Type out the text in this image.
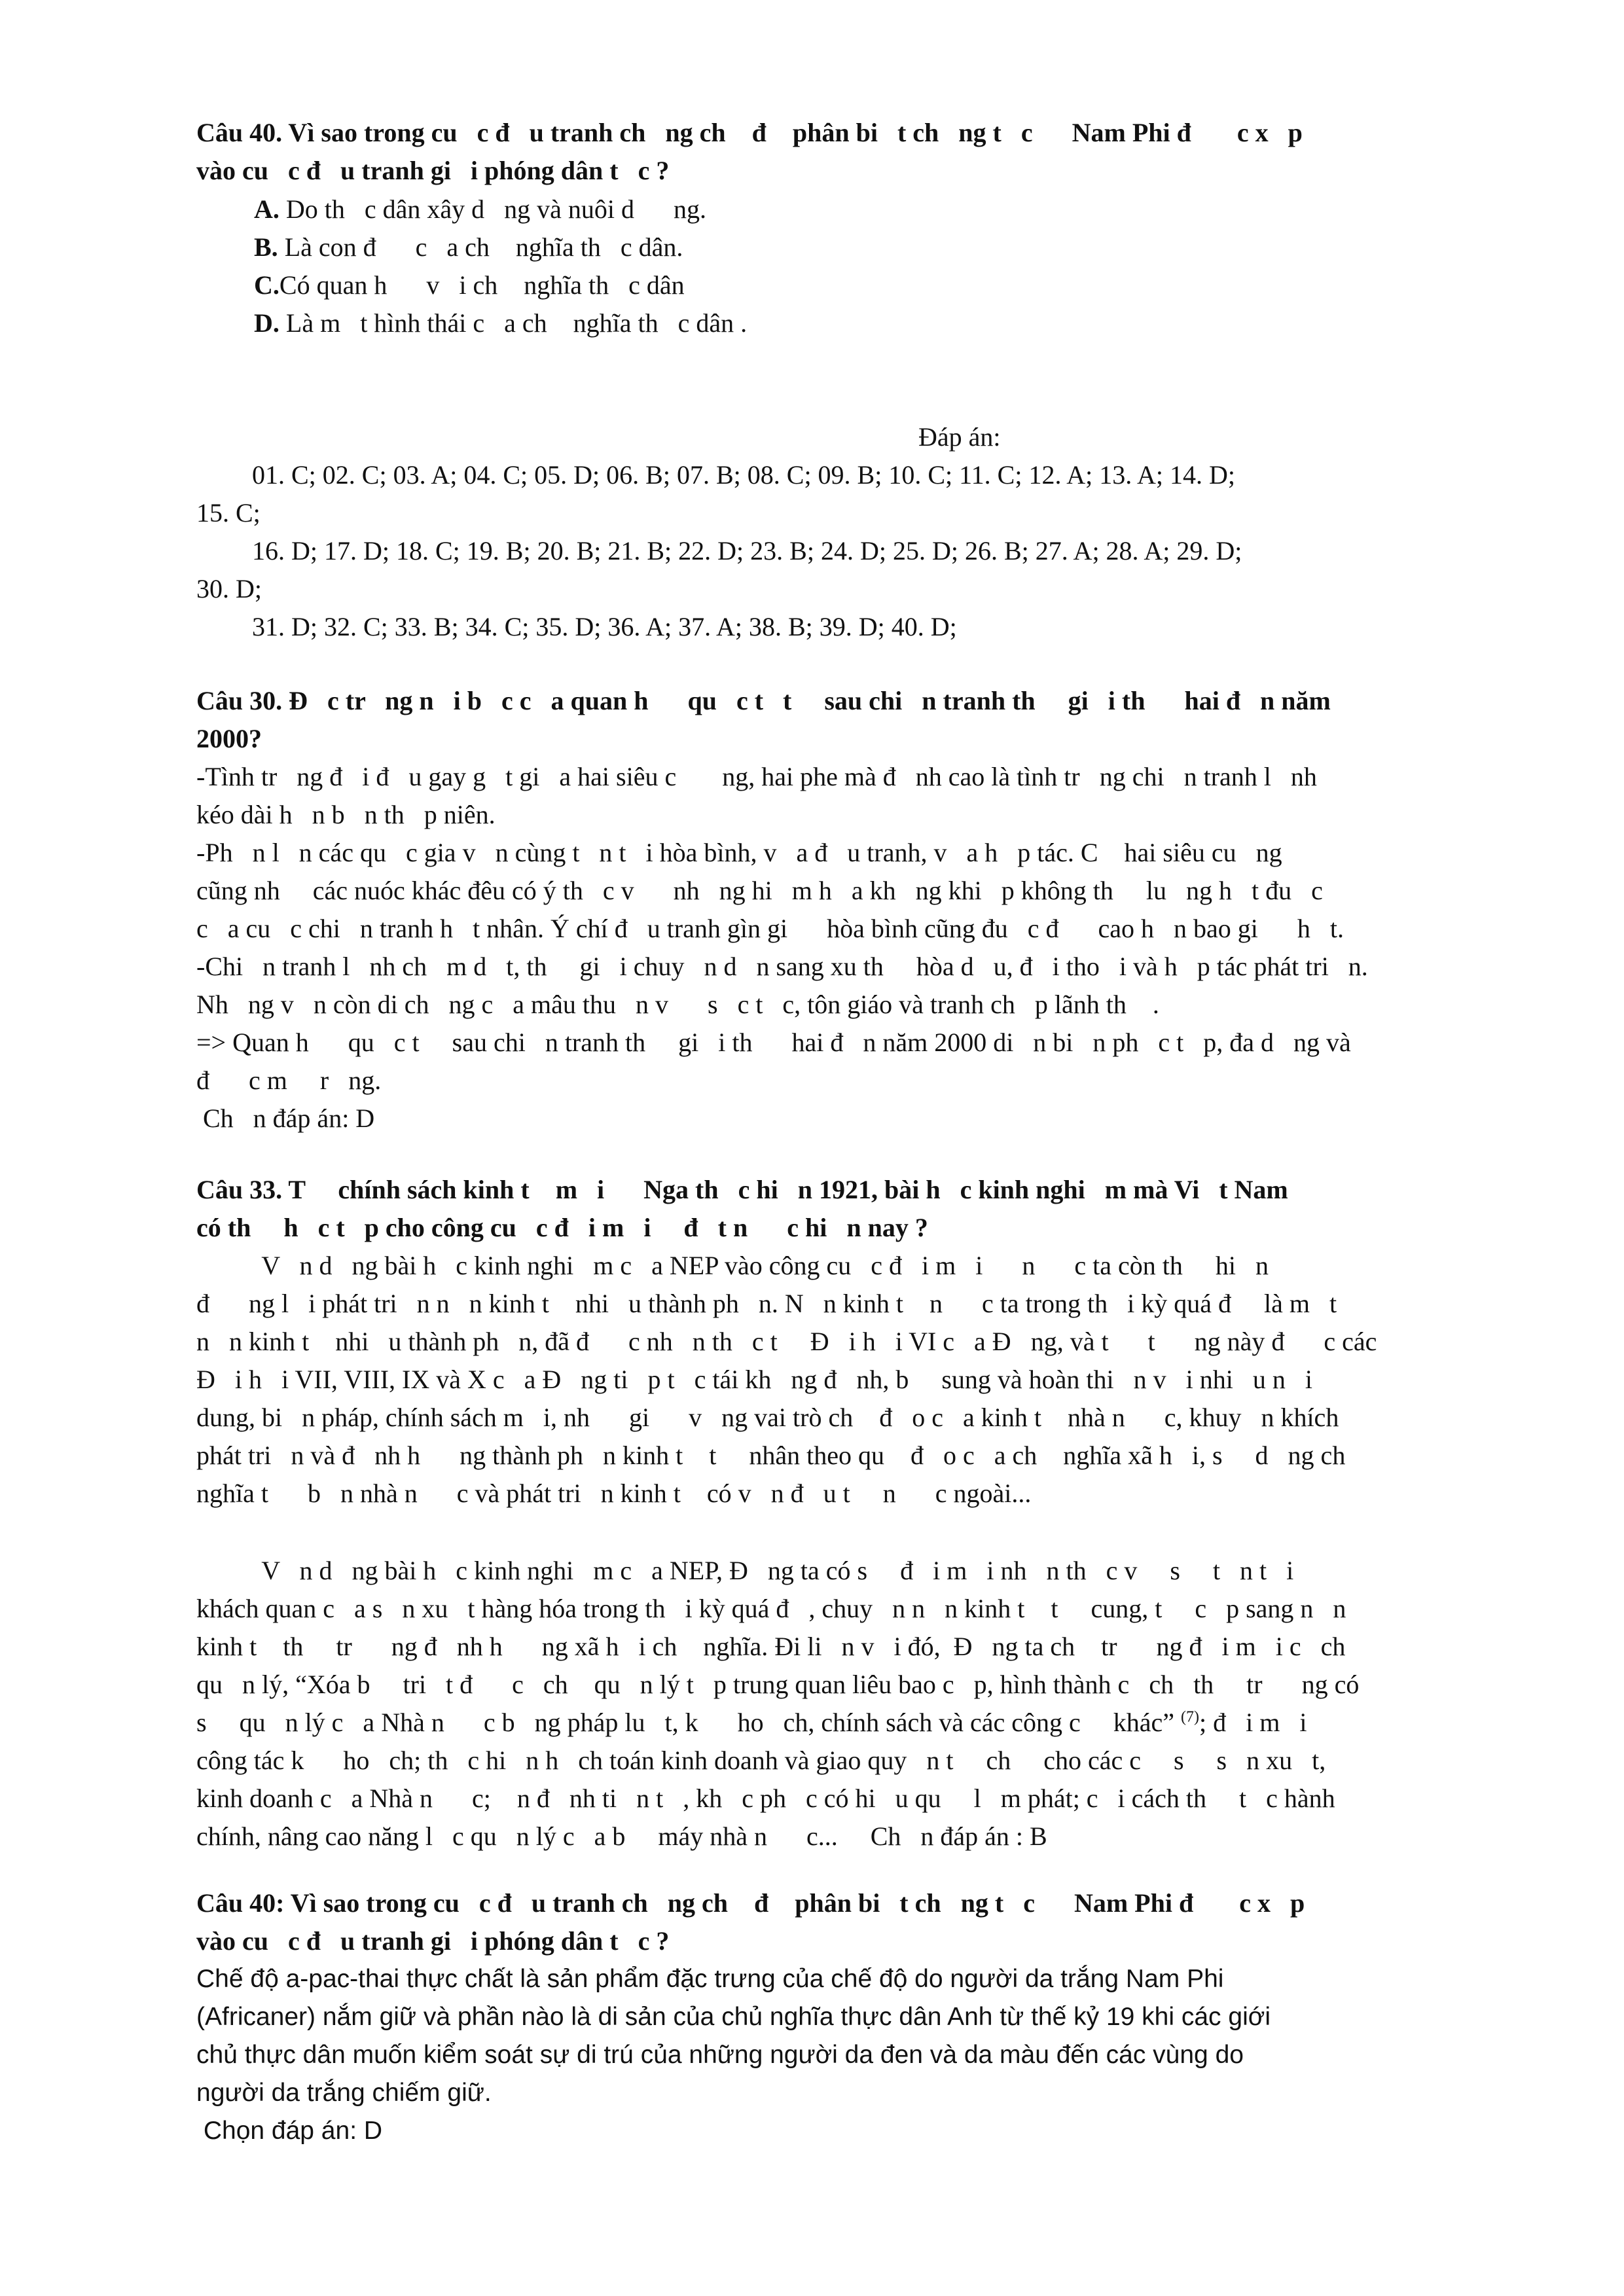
Câu 40. Vì sao trong cu   c đ   u tranh ch   ng ch    đ    phân bi   t ch   ng t   c      Nam Phi đ       c x   p
vào cu   c đ   u tranh gi   i phóng dân t   c ?
A. Do th   c dân xây d   ng và nuôi d      ng.
B. Là con đ      c   a ch    nghĩa th   c dân.
C.Có quan h      v   i ch    nghĩa th   c dân
D. Là m   t hình thái c   a ch    nghĩa th   c dân .
Đáp án:
01. C; 02. C; 03. A; 04. C; 05. D; 06. B; 07. B; 08. C; 09. B; 10. C; 11. C; 12. A; 13. A; 14. D;
15. C;
16. D; 17. D; 18. C; 19. B; 20. B; 21. B; 22. D; 23. B; 24. D; 25. D; 26. B; 27. A; 28. A; 29. D;
30. D;
31. D; 32. C; 33. B; 34. C; 35. D; 36. A; 37. A; 38. B; 39. D; 40. D;
Câu 30. Đ   c tr   ng n   i b   c c   a quan h      qu   c t   t     sau chi   n tranh th     gi   i th      hai đ   n năm
2000?
-Tình tr   ng đ   i đ   u gay g   t gi   a hai siêu c       ng, hai phe mà đ   nh cao là tình tr   ng chi   n tranh l   nh
kéo dài h   n b   n th   p niên.
-Ph   n l   n các qu   c gia v   n cùng t   n t   i hòa bình, v   a đ   u tranh, v   a h   p tác. C    hai siêu cu   ng
cũng nh     các nuóc khác đêu có ý th   c v      nh   ng hi   m h   a kh   ng khi   p không th     lu   ng h   t đu   c
c   a cu   c chi   n tranh h   t nhân. Ý chí đ   u tranh gìn gi      hòa bình cũng đu   c đ      cao h   n bao gi      h   t.
-Chi   n tranh l   nh ch   m d   t, th     gi   i chuy   n d   n sang xu th     hòa d   u, đ   i tho   i và h   p tác phát tri   n.
Nh   ng v   n còn di ch   ng c   a mâu thu   n v      s   c t   c, tôn giáo và tranh ch   p lãnh th    .
=> Quan h      qu   c t     sau chi   n tranh th     gi   i th      hai đ   n năm 2000 di   n bi   n ph   c t   p, đa d   ng và
đ      c m     r   ng.
Ch   n đáp án: D
Câu 33. T     chính sách kinh t    m   i      Nga th   c hi   n 1921, bài h   c kinh nghi   m mà Vi   t Nam
có th     h   c t   p cho công cu   c đ   i m   i     đ   t n      c hi   n nay ?
V   n d   ng bài h   c kinh nghi   m c   a NEP vào công cu   c đ   i m   i      n      c ta còn th     hi   n
đ      ng l   i phát tri   n n   n kinh t    nhi   u thành ph   n. N   n kinh t    n      c ta trong th   i kỳ quá đ     là m   t
n   n kinh t    nhi   u thành ph   n, đã đ      c nh   n th   c t     Đ   i h   i VI c   a Đ   ng, và t      t      ng này đ      c các
Đ   i h   i VII, VIII, IX và X c   a Đ   ng ti   p t   c tái kh   ng đ   nh, b     sung và hoàn thi   n v   i nhi   u n   i
dung, bi   n pháp, chính sách m   i, nh      gi      v   ng vai trò ch    đ   o c   a kinh t    nhà n      c, khuy   n khích
phát tri   n và đ   nh h      ng thành ph   n kinh t    t     nhân theo qu    đ   o c   a ch    nghĩa xã h   i, s     d   ng ch
nghĩa t      b   n nhà n      c và phát tri   n kinh t    có v   n đ   u t     n      c ngoài...
V   n d   ng bài h   c kinh nghi   m c   a NEP, Đ   ng ta có s     đ   i m   i nh   n th   c v     s     t   n t   i
khách quan c   a s   n xu   t hàng hóa trong th   i kỳ quá đ   , chuy   n n   n kinh t    t     cung, t     c   p sang n   n
kinh t    th     tr      ng đ   nh h      ng xã h   i ch    nghĩa. Đi li   n v   i đó,  Đ   ng ta ch    tr      ng đ   i m   i c   ch
qu   n lý, “Xóa b     tri   t đ      c   ch    qu   n lý t   p trung quan liêu bao c   p, hình thành c   ch   th     tr      ng có
s     qu   n lý c   a Nhà n      c b   ng pháp lu   t, k      ho   ch, chính sách và các công c     khác” $^{(7)}$; đ   i m   i
công tác k      ho   ch; th   c hi   n h   ch toán kinh doanh và giao quy   n t     ch     cho các c     s     s   n xu   t,
kinh doanh c   a Nhà n      c;    n đ   nh ti   n t   , kh   c ph   c có hi   u qu     l   m phát; c   i cách th     t   c hành
chính, nâng cao năng l   c qu   n lý c   a b     máy nhà n      c...     Ch   n đáp án : B
Câu 40: Vì sao trong cu   c đ   u tranh ch   ng ch    đ    phân bi   t ch   ng t   c      Nam Phi đ       c x   p
vào cu   c đ   u tranh gi   i phóng dân t   c ?
Chế độ a-pac-thai thực chất là sản phẩm đặc trưng của chế độ do người da trắng Nam Phi
(Africaner) nắm giữ và phần nào là di sản của chủ nghĩa thực dân Anh từ thế kỷ 19 khi các giới
chủ thực dân muốn kiểm soát sự di trú của những người da đen và da màu đến các vùng do
người da trắng chiếm giữ.
Chọn đáp án: D
